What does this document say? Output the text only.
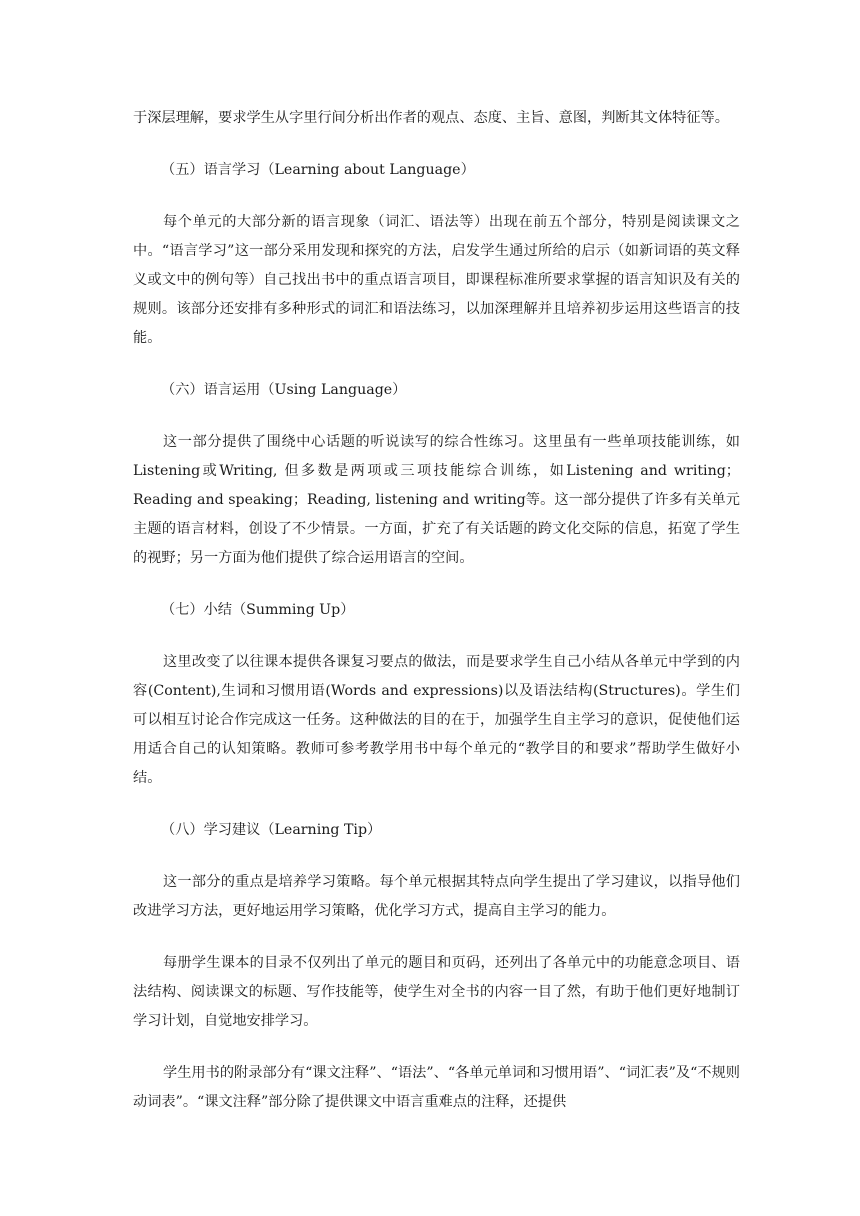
于深层理解，要求学生从字里行间分析出作者的观点、态度、主旨、意图，判断其文体特征等。

（五）语言学习（Learning about Language）

每个单元的大部分新的语言现象（词汇、语法等）出现在前五个部分，特别是阅读课文之中。“语言学习”这一部分采用发现和探究的方法，启发学生通过所给的启示（如新词语的英文释义或文中的例句等）自己找出书中的重点语言项目，即课程标准所要求掌握的语言知识及有关的规则。该部分还安排有多种形式的词汇和语法练习，以加深理解并且培养初步运用这些语言的技能。

（六）语言运用（Using Language）

这一部分提供了围绕中心话题的听说读写的综合性练习。这里虽有一些单项技能训练，如Listening或Writing, 但多数是两项或三项技能综合训练，如Listening and writing；Reading and speaking；Reading, listening and writing等。这一部分提供了许多有关单元主题的语言材料，创设了不少情景。一方面，扩充了有关话题的跨文化交际的信息，拓宽了学生的视野；另一方面为他们提供了综合运用语言的空间。

（七）小结（Summing Up）

这里改变了以往课本提供各课复习要点的做法，而是要求学生自己小结从各单元中学到的内容(Content),生词和习惯用语(Words and expressions)以及语法结构(Structures)。学生们可以相互讨论合作完成这一任务。这种做法的目的在于，加强学生自主学习的意识，促使他们运用适合自己的认知策略。教师可参考教学用书中每个单元的“教学目的和要求”帮助学生做好小结。

（八）学习建议（Learning Tip）

这一部分的重点是培养学习策略。每个单元根据其特点向学生提出了学习建议，以指导他们改进学习方法，更好地运用学习策略，优化学习方式，提高自主学习的能力。

每册学生课本的目录不仅列出了单元的题目和页码，还列出了各单元中的功能意念项目、语法结构、阅读课文的标题、写作技能等，使学生对全书的内容一目了然，有助于他们更好地制订学习计划，自觉地安排学习。

学生用书的附录部分有“课文注释”、“语法”、“各单元单词和习惯用语”、“词汇表”及“不规则动词表”。“课文注释”部分除了提供课文中语言重难点的注释，还提供
